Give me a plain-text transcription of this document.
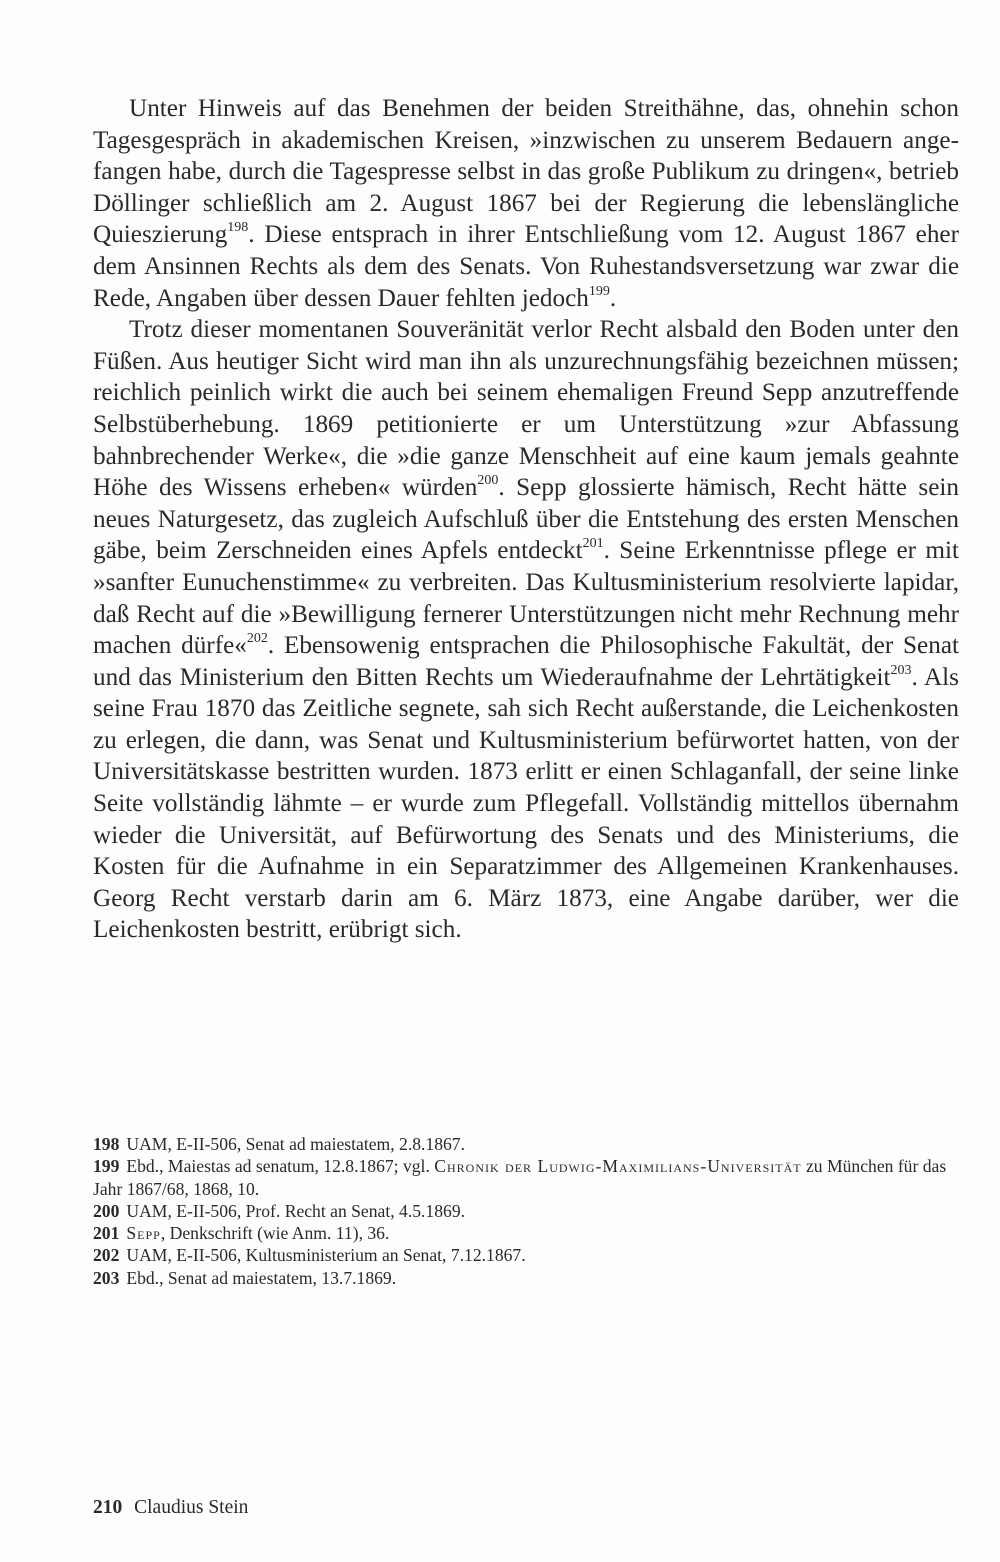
Unter Hinweis auf das Benehmen der beiden Streithähne, das, ohnehin schon Tagesgespräch in akademischen Kreisen, »inzwischen zu unserem Bedauern angefangen habe, durch die Tagespresse selbst in das große Publikum zu dringen«, betrieb Döllinger schließlich am 2. August 1867 bei der Regierung die lebenslängliche Quieszierung$^{198}$. Diese entsprach in ihrer Entschließung vom 12. August 1867 eher dem Ansinnen Rechts als dem des Senats. Von Ruhestandsversetzung war zwar die Rede, Angaben über dessen Dauer fehlten jedoch$^{199}$.

Trotz dieser momentanen Souveränität verlor Recht alsbald den Boden unter den Füßen. Aus heutiger Sicht wird man ihn als unzurechnungsfähig bezeichnen müssen; reichlich peinlich wirkt die auch bei seinem ehemaligen Freund Sepp anzutreffende Selbstüberhebung. 1869 petitionierte er um Unterstützung »zur Abfassung bahnbrechender Werke«, die »die ganze Menschheit auf eine kaum jemals geahnte Höhe des Wissens erheben« würden$^{200}$. Sepp glossierte hämisch, Recht hätte sein neues Naturgesetz, das zugleich Aufschluß über die Entstehung des ersten Menschen gäbe, beim Zerschneiden eines Apfels entdeckt$^{201}$. Seine Erkenntnisse pflege er mit »sanfter Eunuchenstimme« zu verbreiten. Das Kultusministerium resolvierte lapidar, daß Recht auf die »Bewilligung fernerer Unterstützungen nicht mehr Rechnung mehr machen dürfe«$^{202}$. Ebensowenig entsprachen die Philosophische Fakultät, der Senat und das Ministerium den Bitten Rechts um Wiederaufnahme der Lehrtätigkeit$^{203}$. Als seine Frau 1870 das Zeitliche segnete, sah sich Recht außerstande, die Leichenkosten zu erlegen, die dann, was Senat und Kultusministerium befürwortet hatten, von der Universitätskasse bestritten wurden. 1873 erlitt er einen Schlaganfall, der seine linke Seite vollständig lähmte – er wurde zum Pflegefall. Vollständig mittellos übernahm wieder die Universität, auf Befürwortung des Senats und des Ministeriums, die Kosten für die Aufnahme in ein Separatzimmer des Allgemeinen Krankenhauses. Georg Recht verstarb darin am 6. März 1873, eine Angabe darüber, wer die Leichenkosten bestritt, erübrigt sich.

198 UAM, E-II-506, Senat ad maiestatem, 2.8.1867.

199 Ebd., Maiestas ad senatum, 12.8.1867; vgl. Chronik der Ludwig-Maximilians-Universität zu München für das Jahr 1867/68, 1868, 10.

200 UAM, E-II-506, Prof. Recht an Senat, 4.5.1869.

201 Sepp, Denkschrift (wie Anm. 11), 36.

202 UAM, E-II-506, Kultusministerium an Senat, 7.12.1867.

203 Ebd., Senat ad maiestatem, 13.7.1869.

210 Claudius Stein
